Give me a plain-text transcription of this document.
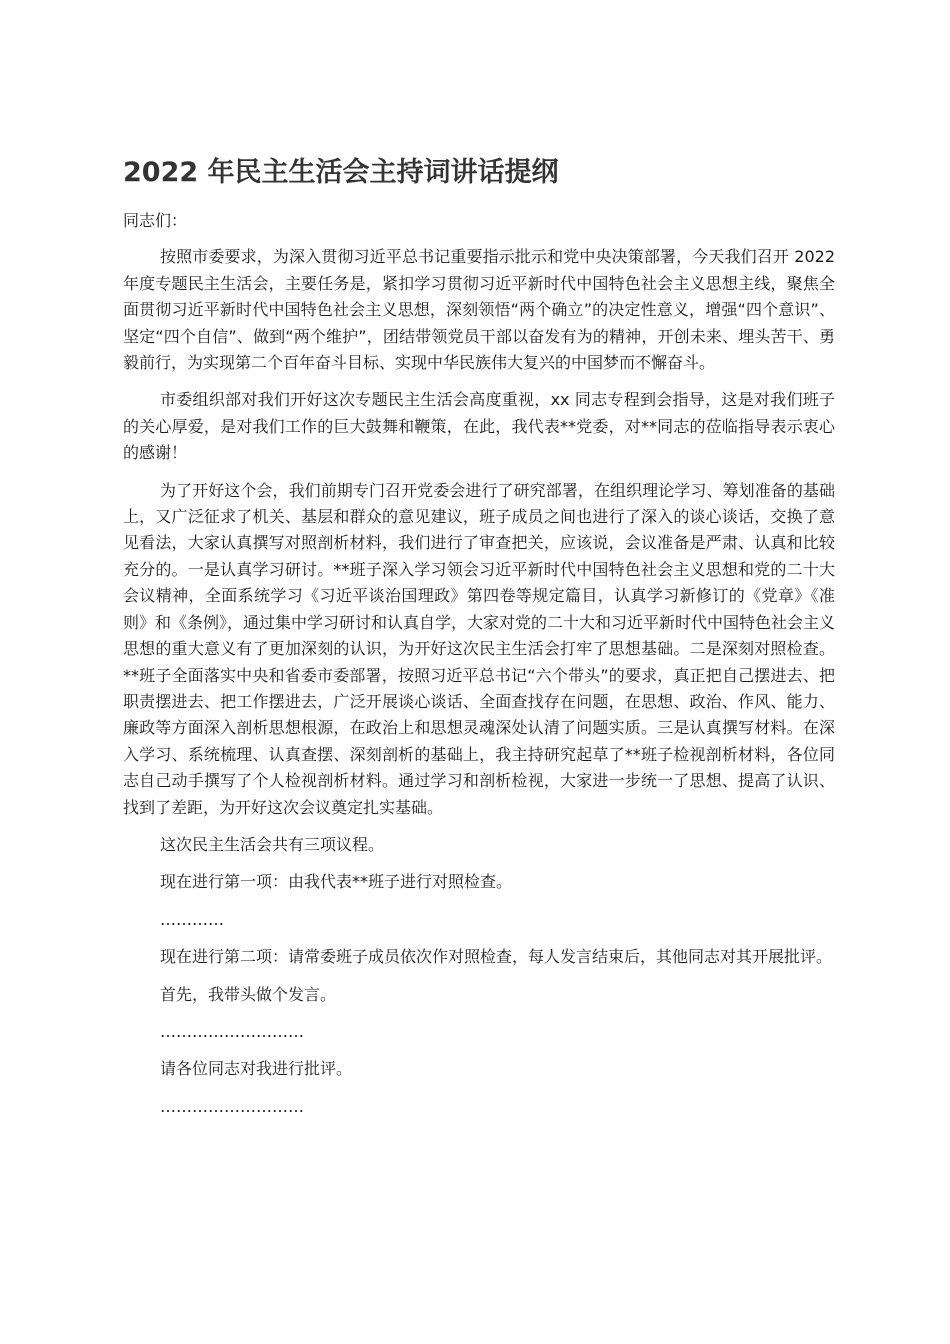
2022 年民主生活会主持词讲话提纲

同志们：

按照市委要求，为深入贯彻习近平总书记重要指示批示和党中央决策部署，今天我们召开 2022 年度专题民主生活会，主要任务是，紧扣学习贯彻习近平新时代中国特色社会主义思想主线，聚焦全面贯彻习近平新时代中国特色社会主义思想，深刻领悟“两个确立”的决定性意义，增强“四个意识”、坚定“四个自信”、做到“两个维护”，团结带领党员干部以奋发有为的精神，开创未来、埋头苦干、勇毅前行，为实现第二个百年奋斗目标、实现中华民族伟大复兴的中国梦而不懈奋斗。

市委组织部对我们开好这次专题民主生活会高度重视，xx 同志专程到会指导，这是对我们班子的关心厚爱，是对我们工作的巨大鼓舞和鞭策，在此，我代表**党委，对**同志的莅临指导表示衷心的感谢！

为了开好这个会，我们前期专门召开党委会进行了研究部署，在组织理论学习、筹划准备的基础上，又广泛征求了机关、基层和群众的意见建议，班子成员之间也进行了深入的谈心谈话，交换了意见看法，大家认真撰写对照剖析材料，我们进行了审查把关，应该说，会议准备是严肃、认真和比较充分的。一是认真学习研讨。**班子深入学习领会习近平新时代中国特色社会主义思想和党的二十大会议精神，全面系统学习《习近平谈治国理政》第四卷等规定篇目，认真学习新修订的《党章》《准则》和《条例》，通过集中学习研讨和认真自学，大家对党的二十大和习近平新时代中国特色社会主义思想的重大意义有了更加深刻的认识，为开好这次民主生活会打牢了思想基础。二是深刻对照检查。**班子全面落实中央和省委市委部署，按照习近平总书记“六个带头”的要求，真正把自己摆进去、把职责摆进去、把工作摆进去，广泛开展谈心谈话、全面查找存在问题，在思想、政治、作风、能力、廉政等方面深入剖析思想根源，在政治上和思想灵魂深处认清了问题实质。三是认真撰写材料。在深入学习、系统梳理、认真查摆、深刻剖析的基础上，我主持研究起草了**班子检视剖析材料，各位同志自己动手撰写了个人检视剖析材料。通过学习和剖析检视，大家进一步统一了思想、提高了认识、找到了差距，为开好这次会议奠定扎实基础。

这次民主生活会共有三项议程。

现在进行第一项：由我代表**班子进行对照检查。

…………

现在进行第二项：请常委班子成员依次作对照检查，每人发言结束后，其他同志对其开展批评。

首先，我带头做个发言。

………………………

请各位同志对我进行批评。

………………………
